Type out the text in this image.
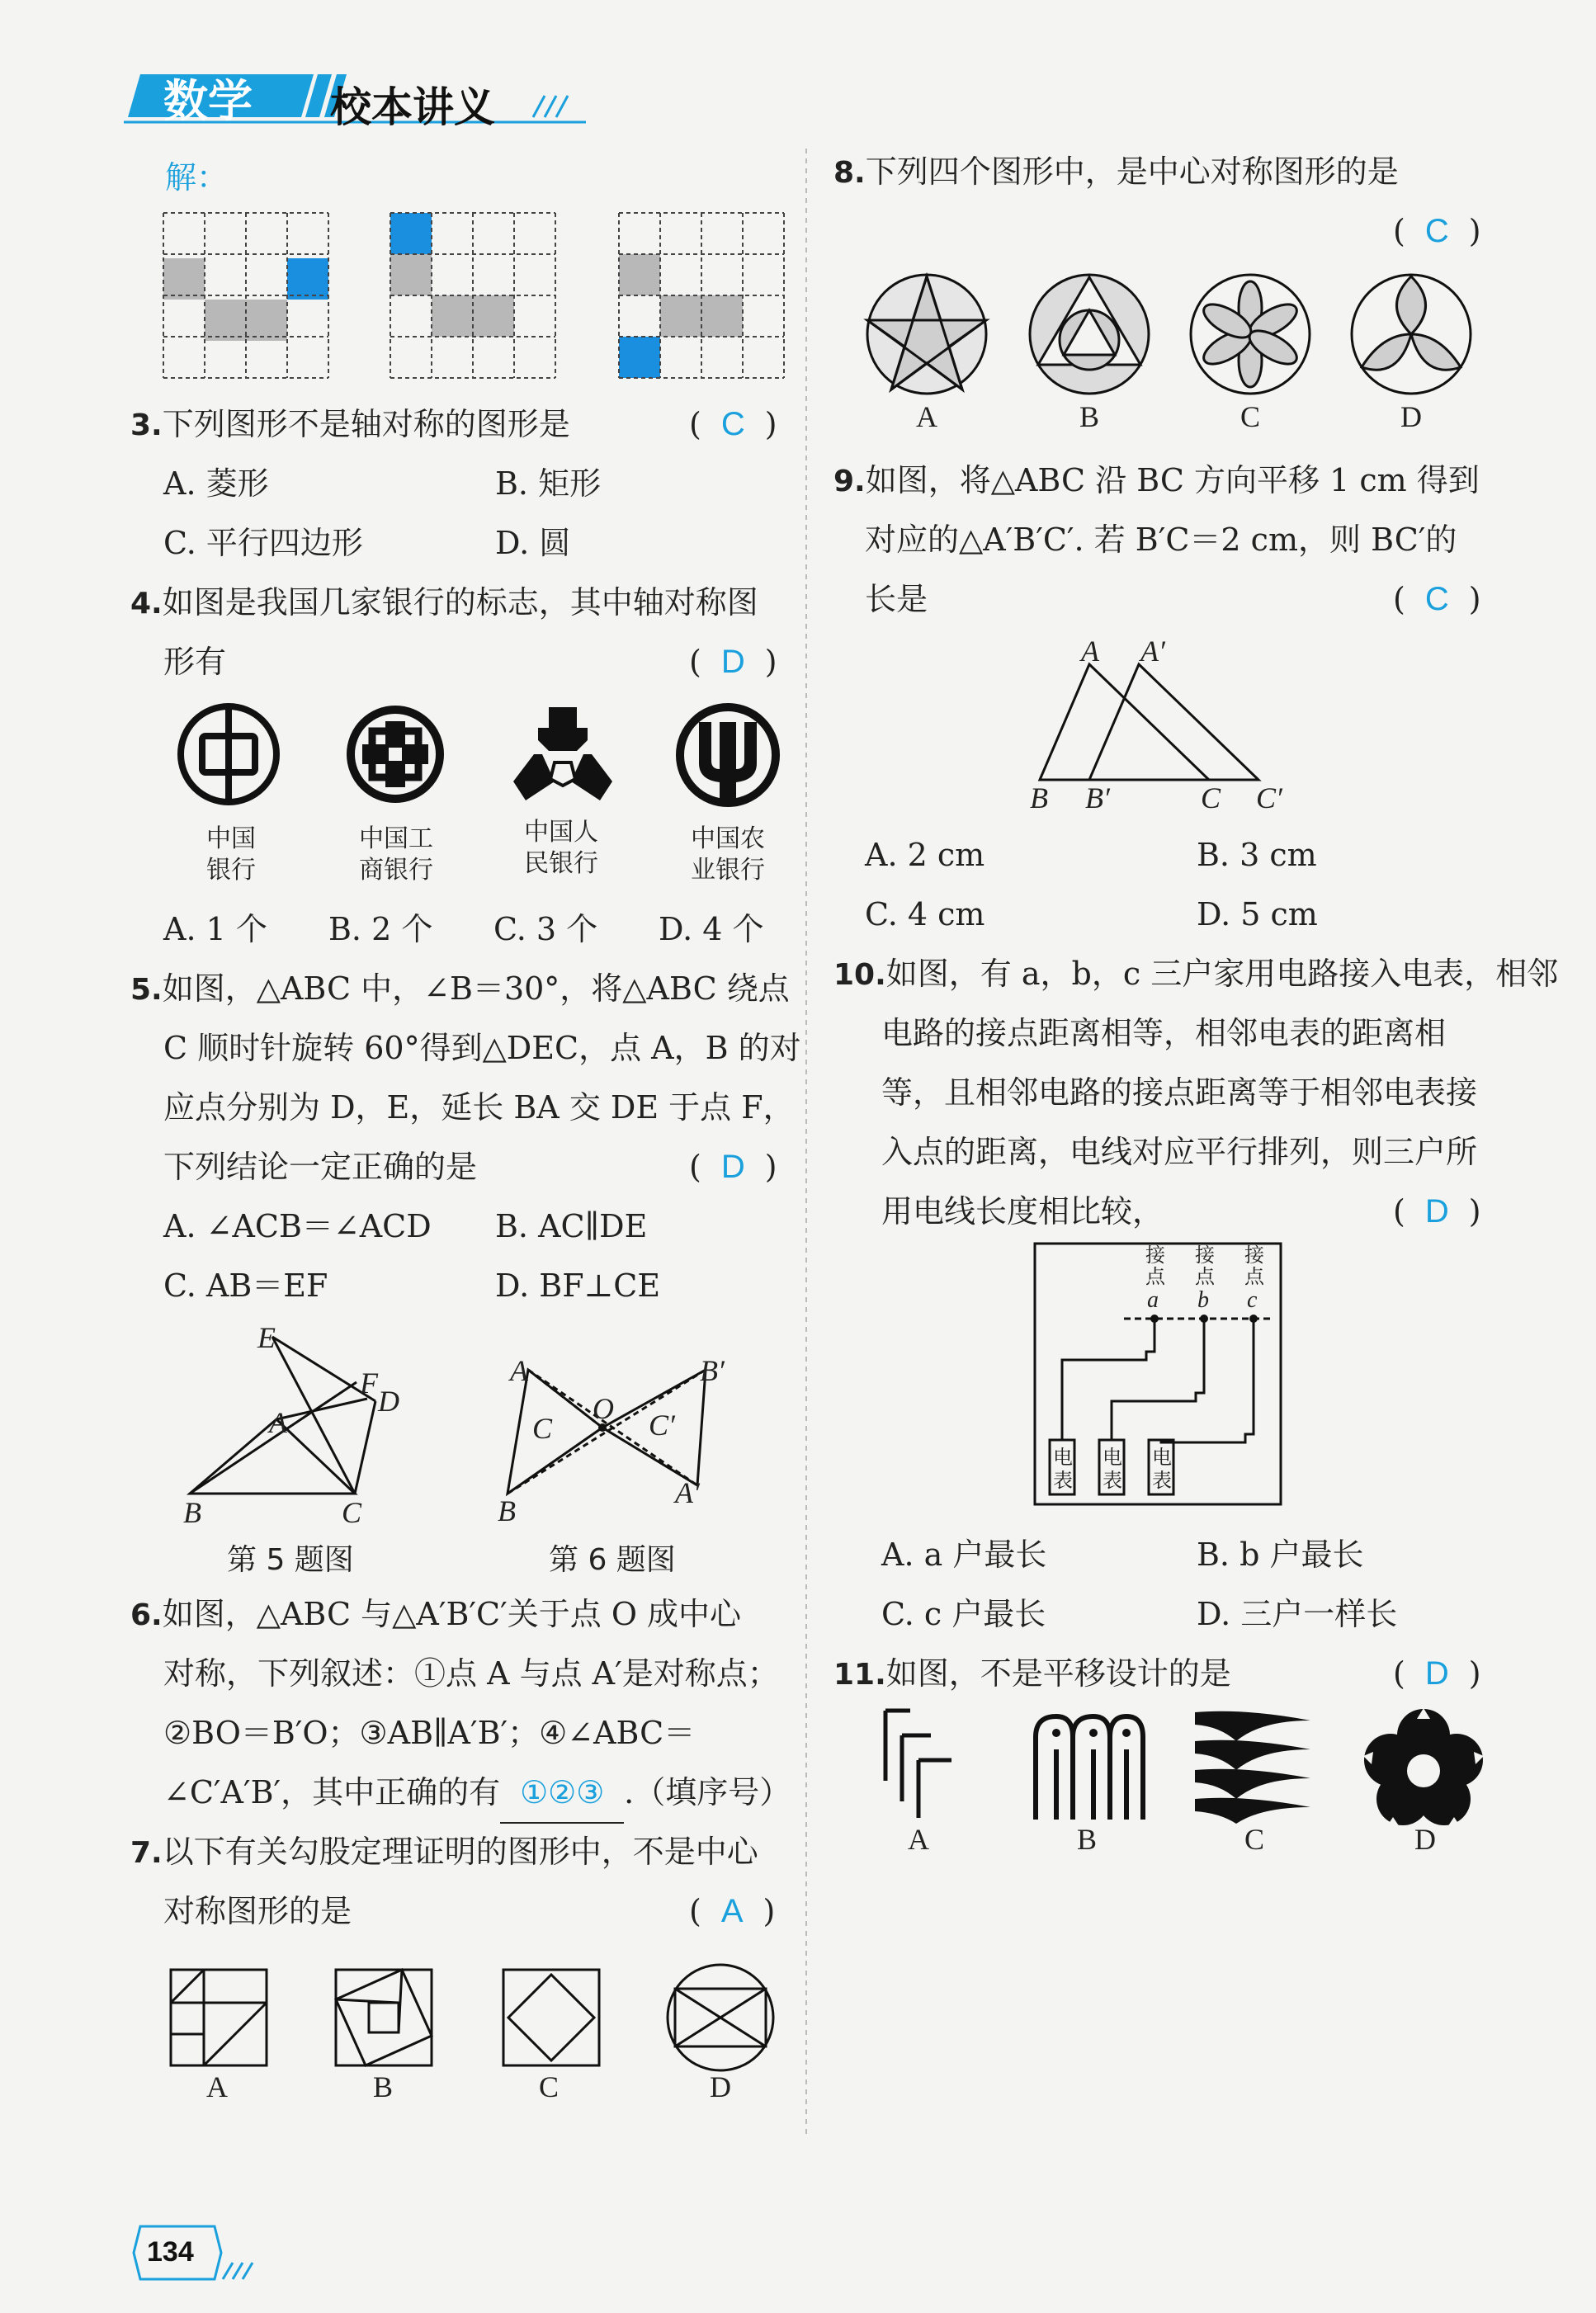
数学 校本讲义
解：
3.下列图形不是轴对称的图形是	( C )
A. 菱形	B. 矩形
C. 平行四边形	D. 圆
4.如图是我国几家银行的标志，其中轴对称图
形有	( D )
中国
银行
中国工
商银行
中国人
民银行
中国农
业银行
A. 1 个 B. 2 个 C. 3 个 D. 4 个
5.如图，△ABC 中，∠B＝30°，将△ABC 绕点
C 顺时针旋转 60°得到△DEC，点 A，B 的对
应点分别为 D，E，延长 BA 交 DE 于点 F，
下列结论一定正确的是	( D )
A. ∠ACB＝∠ACD B. AC∥DE
C. AB＝EF	D. BF⊥CE
E
F
D
A
B	C
第 5 题图
A	B′
O
C	C′
B
A′
第 6 题图
6.如图，△ABC 与△A′B′C′关于点 O 成中心
对称，下列叙述：①点 A 与点 A′是对称点；
②BO＝B′O；③AB∥A′B′；④∠ABC＝
∠C′A′B′，其中正确的有 ①②③ .（填序号）
7.以下有关勾股定理证明的图形中，不是中心
对称图形的是	( A )
A	B	C	D
8.下列四个图形中，是中心对称图形的是
( C )
A	B	C	D
9.如图，将△ABC 沿 BC 方向平移 1 cm 得到
对应的△A′B′C′. 若 B′C＝2 cm，则 BC′的
长是	( C )
A A′
B B′	C C′
A. 2 cm	B. 3 cm
C. 4 cm	D. 5 cm
10.如图，有 a，b，c 三户家用电路接入电表，相邻
电路的接点距离相等，相邻电表的距离相
等，且相邻电路的接点距离等于相邻电表接
入点的距离，电线对应平行排列，则三户所
用电线长度相比较，	( D )
接点
接点
接点
a b c
电表
电表
电表
A. a 户最长	B. b 户最长
C. c 户最长	D. 三户一样长
11.如图，不是平移设计的是	( D )
A	B	C	D
134
